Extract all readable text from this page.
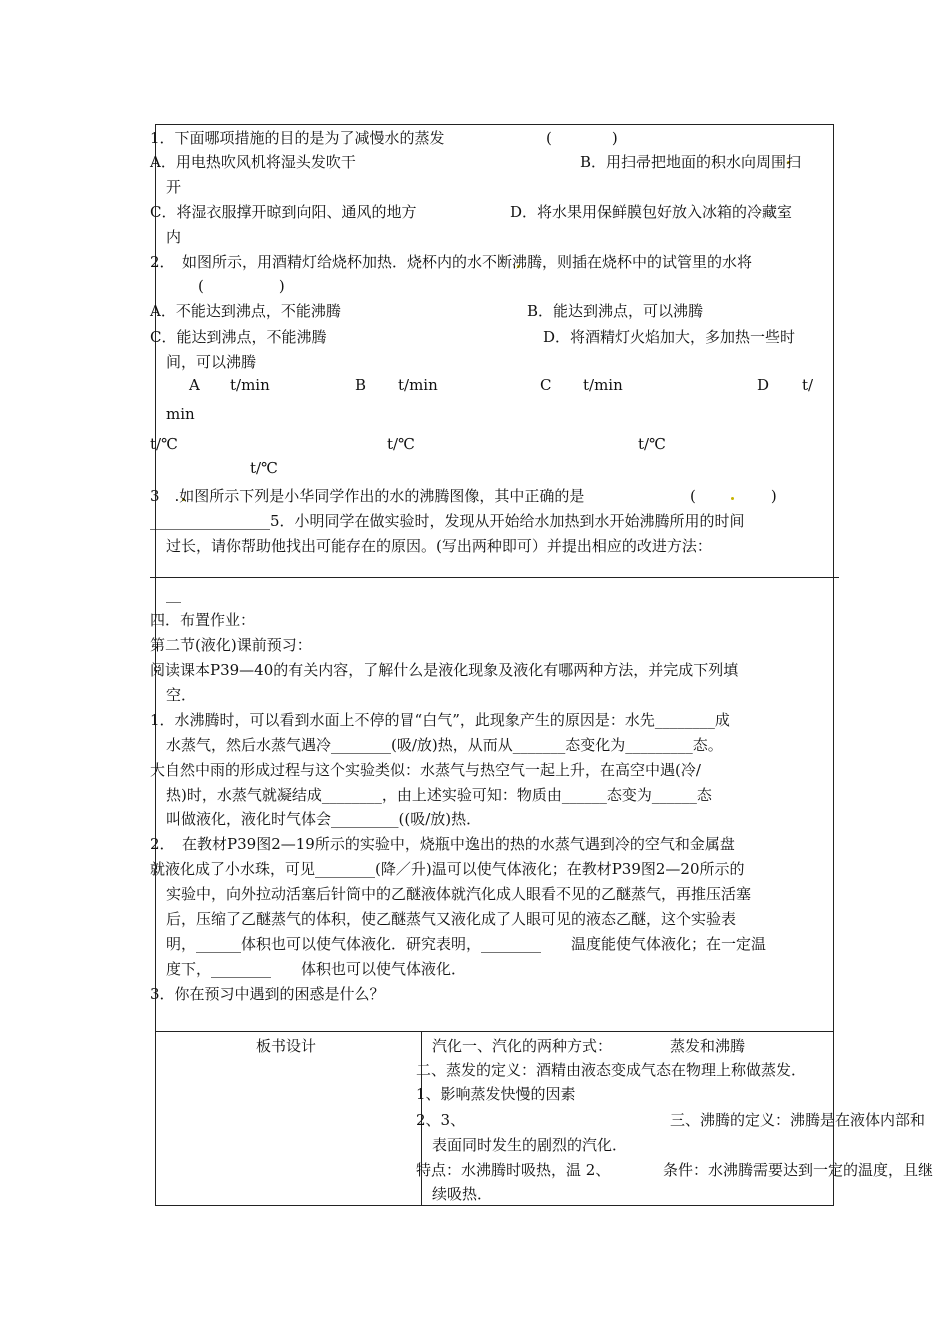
1．下面哪项措施的目的是为了减慢水的蒸发	(　　　　)
A．用电热吹风机将湿头发吹干	B．用扫帚把地面的积水向周围扫
开
C．将湿衣服撑开晾到向阳、通风的地方	D．将水果用保鲜膜包好放入冰箱的冷藏室
内
2．　如图所示，用酒精灯给烧杯加热．烧杯内的水不断沸腾，则插在烧杯中的试管里的水将
(　　　　　)
A．不能达到沸点，不能沸腾	B．能达到沸点，可以沸腾
C．能达到沸点，不能沸腾	D．将酒精灯火焰加大，多加热一些时
间，可以沸腾
A t/min	B t/min	C t/min	D t/
min
t/℃	t/℃	t/℃
t/℃
3　.如图所示下列是小华同学作出的水的沸腾图像，其中正确的是	(　　　　　)
________________5．小明同学在做实验时，发现从开始给水加热到水开始沸腾所用的时间
过长，请你帮助他找出可能存在的原因。(写出两种即可）并提出相应的改进方法：
__
四．布置作业：
第二节(液化)课前预习：
阅读课本P39—40的有关内容，了解什么是液化现象及液化有哪两种方法，并完成下列填
空．
1．水沸腾时，可以看到水面上不停的冒“白气”，此现象产生的原因是：水先________成
水蒸气，然后水蒸气遇冷________(吸/放)热，从而从_______态变化为_________态。
大自然中雨的形成过程与这个实验类似：水蒸气与热空气一起上升，在高空中遇(冷/
热)时，水蒸气就凝结成________，由上述实验可知：物质由______态变为______态
叫做液化，液化时气体会_________((吸/放)热．
2．　在教材P39图2—19所示的实验中，烧瓶中逸出的热的水蒸气遇到冷的空气和金属盘
就液化成了小水珠，可见________(降／升)温可以使气体液化；在教材P39图2—20所示的
实验中，向外拉动活塞后针筒中的乙醚液体就汽化成人眼看不见的乙醚蒸气，再推压活塞
后，压缩了乙醚蒸气的体积，使乙醚蒸气又液化成了人眼可见的液态乙醚，这个实验表
明，______体积也可以使气体液化．研究表明，________　　温度能使气体液化；在一定温
度下，________　　体积也可以使气体液化．
3．你在预习中遇到的困惑是什么？
板书设计	汽化一、汽化的两种方式：	蒸发和沸腾
二、蒸发的定义：酒精由液态变成气态在物理上称做蒸发．
1、影响蒸发快慢的因素
2、3、	三、沸腾的定义：沸腾是在液体内部和
表面同时发生的剧烈的汽化．
特点：水沸腾时吸热，温 2、	条件：水沸腾需要达到一定的温度，且继
续吸热．
